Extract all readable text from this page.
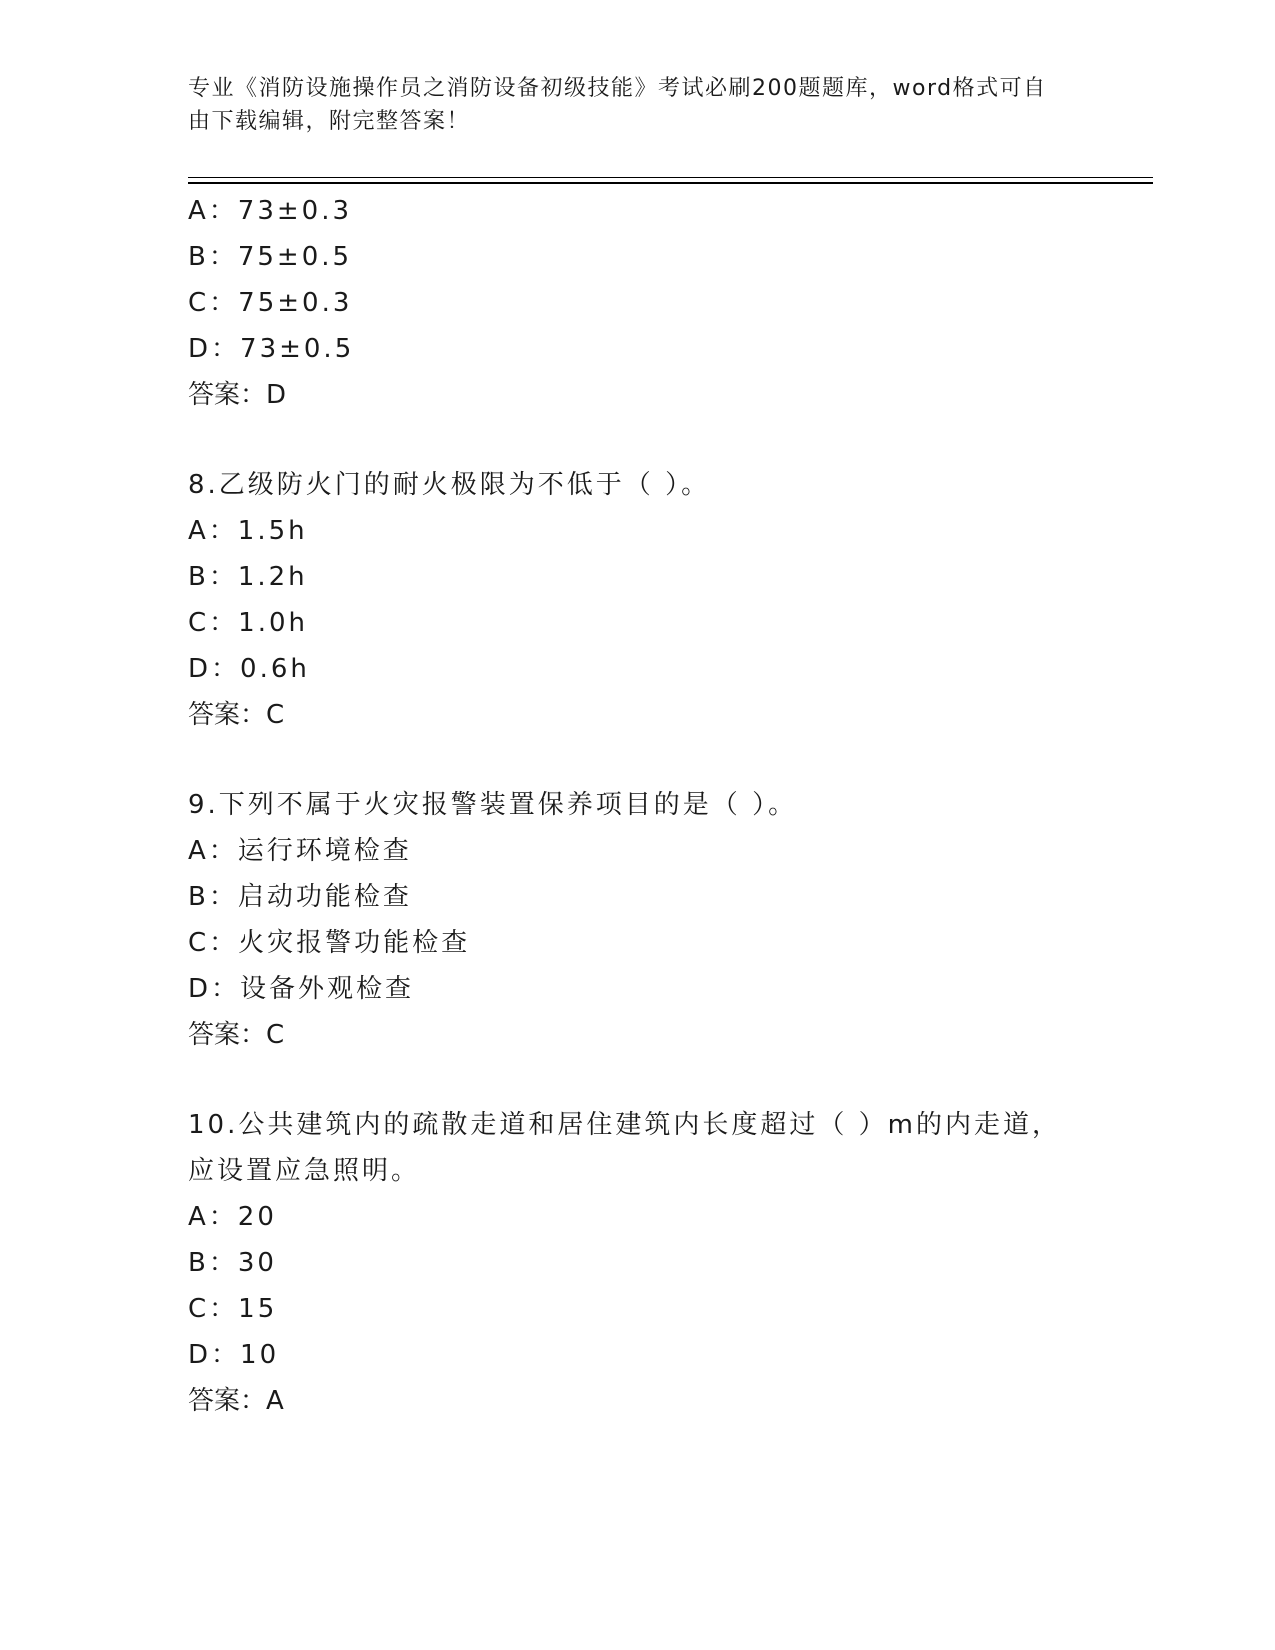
专业《消防设施操作员之消防设备初级技能》考试必刷200题题库，word格式可自由下载编辑，附完整答案！
A：73±0.3
B：75±0.5
C：75±0.3
D：73±0.5
答案：D
8.乙级防火门的耐火极限为不低于（ ）。
A：1.5h
B：1.2h
C：1.0h
D：0.6h
答案：C
9.下列不属于火灾报警装置保养项目的是（ ）。
A：运行环境检查
B：启动功能检查
C：火灾报警功能检查
D：设备外观检查
答案：C
10.公共建筑内的疏散走道和居住建筑内长度超过（ ）m的内走道，应设置应急照明。
A：20
B：30
C：15
D：10
答案：A
